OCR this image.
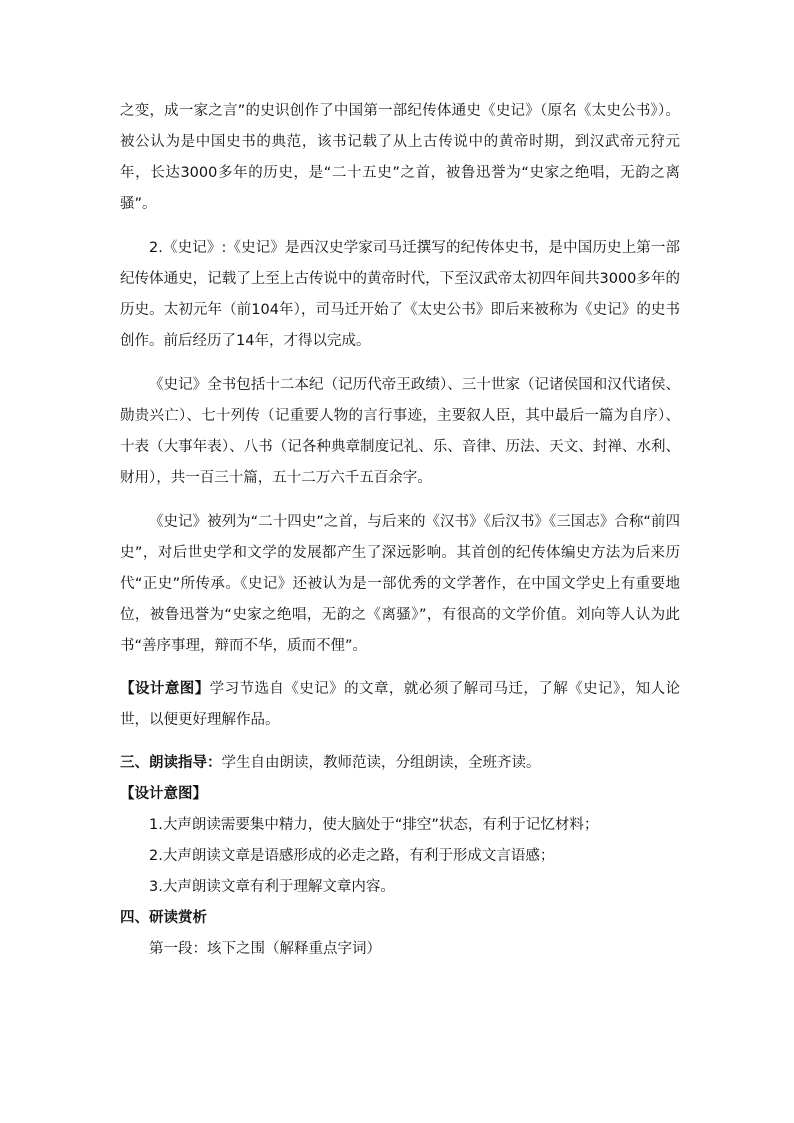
之变，成一家之言”的史识创作了中国第一部纪传体通史《史记》（原名《太史公书》）。被公认为是中国史书的典范，该书记载了从上古传说中的黄帝时期，到汉武帝元狩元年，长达3000多年的历史，是“二十五史”之首，被鲁迅誉为“史家之绝唱，无韵之离骚”。

2.《史记》:《史记》是西汉史学家司马迁撰写的纪传体史书，是中国历史上第一部纪传体通史，记载了上至上古传说中的黄帝时代，下至汉武帝太初四年间共3000多年的历史。太初元年（前104年），司马迁开始了《太史公书》即后来被称为《史记》的史书创作。前后经历了14年，才得以完成。

《史记》全书包括十二本纪（记历代帝王政绩）、三十世家（记诸侯国和汉代诸侯、勋贵兴亡）、七十列传（记重要人物的言行事迹，主要叙人臣，其中最后一篇为自序）、十表（大事年表）、八书（记各种典章制度记礼、乐、音律、历法、天文、封禅、水利、财用），共一百三十篇，五十二万六千五百余字。

《史记》被列为“二十四史”之首，与后来的《汉书》《后汉书》《三国志》合称“前四史”，对后世史学和文学的发展都产生了深远影响。其首创的纪传体编史方法为后来历代“正史”所传承。《史记》还被认为是一部优秀的文学著作，在中国文学史上有重要地位，被鲁迅誉为“史家之绝唱，无韵之《离骚》”，有很高的文学价值。刘向等人认为此书“善序事理，辩而不华，质而不俚”。

【设计意图】学习节选自《史记》的文章，就必须了解司马迁，了解《史记》，知人论世，以便更好理解作品。

三、朗读指导：学生自由朗读，教师范读，分组朗读，全班齐读。

【设计意图】

1.大声朗读需要集中精力，使大脑处于“排空”状态，有利于记忆材料；

2.大声朗读文章是语感形成的必走之路，有利于形成文言语感；

3.大声朗读文章有利于理解文章内容。

四、研读赏析

第一段：垓下之围（解释重点字词）
